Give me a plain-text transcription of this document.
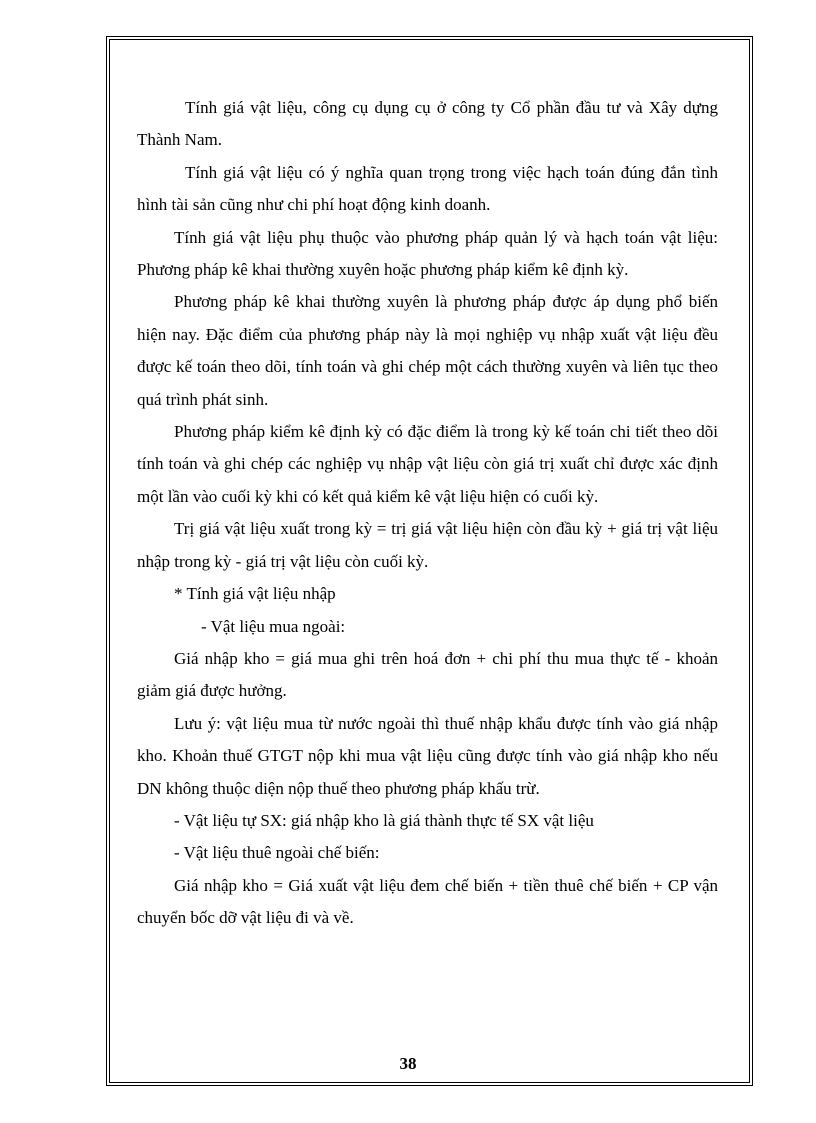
Tính giá vật liệu, công cụ dụng cụ ở công ty Cổ phần đầu tư và Xây dựng Thành Nam.

Tính giá vật liệu có ý nghĩa quan trọng trong việc hạch toán đúng đắn tình hình tài sản cũng như chi phí hoạt động kinh doanh.

Tính giá vật liệu phụ thuộc vào phương pháp quản lý và hạch toán vật liệu: Phương pháp kê khai thường xuyên hoặc phương pháp kiểm kê định kỳ.

Phương pháp kê khai thường xuyên là phương pháp được áp dụng phổ biến hiện nay. Đặc điểm của phương pháp này là mọi nghiệp vụ nhập xuất vật liệu đều được kế toán theo dõi, tính toán và ghi chép một cách thường xuyên và liên tục theo quá trình phát sinh.

Phương pháp kiểm kê định kỳ có đặc điểm là trong kỳ kế toán chi tiết theo dõi tính toán và ghi chép các nghiệp vụ nhập vật liệu còn giá trị xuất chỉ được xác định một lần vào cuối kỳ khi có kết quả kiểm kê vật liệu hiện có cuối kỳ.

Trị giá vật liệu xuất trong kỳ = trị giá vật liệu hiện còn đầu kỳ + giá trị vật liệu nhập trong kỳ - giá trị vật liệu còn cuối kỳ.

* Tính giá vật liệu nhập

- Vật liệu mua ngoài:

Giá nhập kho = giá mua ghi trên hoá đơn + chi phí thu mua thực tế - khoản giảm giá được hưởng.

Lưu ý: vật liệu mua từ nước ngoài thì thuế nhập khẩu được tính vào giá nhập kho. Khoản thuế GTGT nộp khi mua vật liệu cũng được tính vào giá nhập kho nếu DN không thuộc diện nộp thuế theo phương pháp khấu trừ.

- Vật liệu tự SX: giá nhập kho là giá thành thực tế SX vật liệu

- Vật liệu thuê ngoài chế biến:

Giá nhập kho = Giá xuất vật liệu đem chế biến + tiền thuê chế biến + CP vận chuyển bốc dỡ vật liệu đi và về.

38
